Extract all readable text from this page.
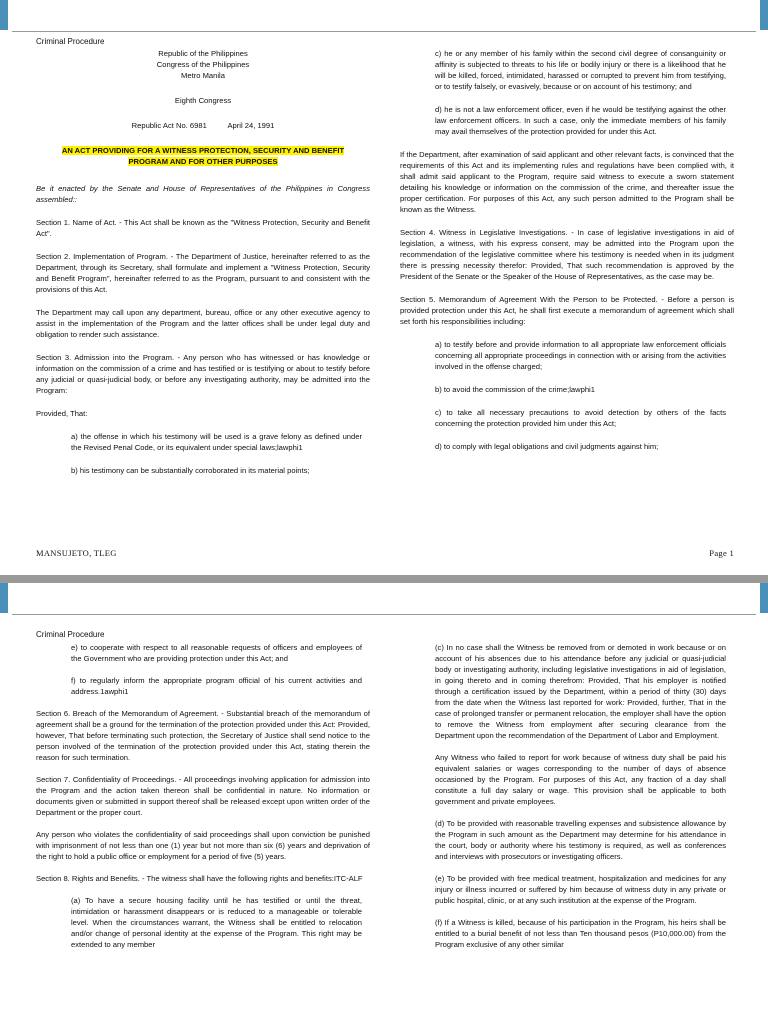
Criminal Procedure

Republic of the Philippines

Congress of the Philippines

Metro Manila

Eighth Congress

Republic Act No. 6981          April 24, 1991

AN ACT PROVIDING FOR A WITNESS PROTECTION, SECURITY AND BENEFIT PROGRAM AND FOR OTHER PURPOSES

Be it enacted by the Senate and House of Representatives of the Philippines in Congress assembled::

Section 1. Name of Act. - This Act shall be known as the "Witness Protection, Security and Benefit Act".

Section 2. Implementation of Program. - The Department of Justice, hereinafter referred to as the Department, through its Secretary, shall formulate and implement a "Witness Protection, Security and Benefit Program", hereinafter referred to as the Program, pursuant to and consistent with the provisions of this Act.

The Department may call upon any department, bureau, office or any other executive agency to assist in the implementation of the Program and the latter offices shall be under legal duty and obligation to render such assistance.

Section 3. Admission into the Program. - Any person who has witnessed or has knowledge or information on the commission of a crime and has testified or is testifying or about to testify before any judicial or quasi-judicial body, or before any investigating authority, may be admitted into the Program:

Provided, That:

a) the offense in which his testimony will be used is a grave felony as defined under the Revised Penal Code, or its equivalent under special laws;lawphi1

b) his testimony can be substantially corroborated in its material points;

c) he or any member of his family within the second civil degree of consanguinity or affinity is subjected to threats to his life or bodily injury or there is a likelihood that he will be killed, forced, intimidated, harassed or corrupted to prevent him from testifying, or to testify falsely, or evasively, because or on account of his testimony; and

d) he is not a law enforcement officer, even if he would be testifying against the other law enforcement officers. In such a case, only the immediate members of his family may avail themselves of the protection provided for under this Act.

If the Department, after examination of said applicant and other relevant facts, is convinced that the requirements of this Act and its implementing rules and regulations have been complied with, it shall admit said applicant to the Program, require said witness to execute a sworn statement detailing his knowledge or information on the commission of the crime, and thereafter issue the proper certification. For purposes of this Act, any such person admitted to the Program shall be known as the Witness.

Section 4. Witness in Legislative Investigations. - In case of legislative investigations in aid of legislation, a witness, with his express consent, may be admitted into the Program upon the recommendation of the legislative committee where his testimony is needed when in its judgment there is pressing necessity therefor: Provided, That such recommendation is approved by the President of the Senate or the Speaker of the House of Representatives, as the case may be.

Section 5. Memorandum of Agreement With the Person to be Protected. - Before a person is provided protection under this Act, he shall first execute a memorandum of agreement which shall set forth his responsibilities including:

a) to testify before and provide information to all appropriate law enforcement officials concerning all appropriate proceedings in connection with or arising from the activities involved in the offense charged;

b) to avoid the commission of the crime;lawphi1

c) to take all necessary precautions to avoid detection by others of the facts concerning the protection provided him under this Act;

d) to comply with legal obligations and civil judgments against him;

MANSUJETO, TLEG	Page 1
Criminal Procedure

e) to cooperate with respect to all reasonable requests of officers and employees of the Government who are providing protection under this Act; and

f) to regularly inform the appropriate program official of his current activities and address.1awphi1

Section 6. Breach of the Memorandum of Agreement. - Substantial breach of the memorandum of agreement shall be a ground for the termination of the protection provided under this Act: Provided, however, That before terminating such protection, the Secretary of Justice shall send notice to the person involved of the termination of the protection provided under this Act, stating therein the reason for such termination.

Section 7. Confidentiality of Proceedings. - All proceedings involving application for admission into the Program and the action taken thereon shall be confidential in nature. No information or documents given or submitted in support thereof shall be released except upon written order of the Department or the proper court.

Any person who violates the confidentiality of said proceedings shall upon conviction be punished with imprisonment of not less than one (1) year but not more than six (6) years and deprivation of the right to hold a public office or employment for a period of five (5) years.

Section 8. Rights and Benefits. - The witness shall have the following rights and benefits:ITC-ALF

(a) To have a secure housing facility until he has testified or until the threat, intimidation or harassment disappears or is reduced to a manageable or tolerable level. When the circumstances warrant, the Witness shall be entitled to relocation and/or change of personal identity at the expense of the Program. This right may be extended to any member

(c) In no case shall the Witness be removed from or demoted in work because or on account of his absences due to his attendance before any judicial or quasi-judicial body or investigating authority, including legislative investigations in aid of legislation, in going thereto and in coming therefrom: Provided, That his employer is notified through a certification issued by the Department, within a period of thirty (30) days from the date when the Witness last reported for work: Provided, further, That in the case of prolonged transfer or permanent relocation, the employer shall have the option to remove the Witness from employment after securing clearance from the Department upon the recommendation of the Department of Labor and Employment.

Any Witness who failed to report for work because of witness duty shall be paid his equivalent salaries or wages corresponding to the number of days of absence occasioned by the Program. For purposes of this Act, any fraction of a day shall constitute a full day salary or wage. This provision shall be applicable to both government and private employees.

(d) To be provided with reasonable travelling expenses and subsistence allowance by the Program in such amount as the Department may determine for his attendance in the court, body or authority where his testimony is required, as well as conferences and interviews with prosecutors or investigating officers.

(e) To be provided with free medical treatment, hospitalization and medicines for any injury or illness incurred or suffered by him because of witness duty in any private or public hospital, clinic, or at any such institution at the expense of the Program.

(f) If a Witness is killed, because of his participation in the Program, his heirs shall be entitled to a burial benefit of not less than Ten thousand pesos (P10,000.00) from the Program exclusive of any other similar
